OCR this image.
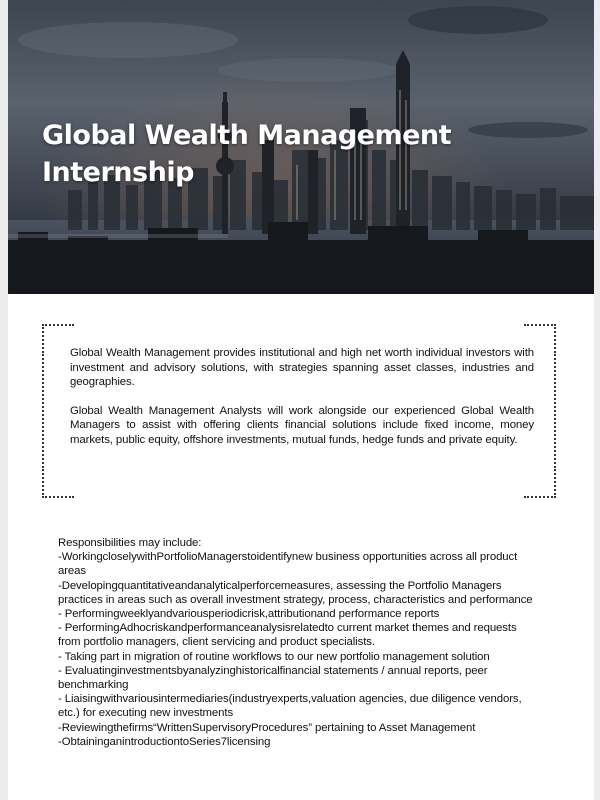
Global Wealth Management
Internship

Global Wealth Management provides institutional and high net worth individual investors with investment and advisory solutions, with strategies spanning asset classes, industries and geographies.

Global Wealth Management Analysts will work alongside our experienced Global Wealth Managers to assist with offering clients financial solutions include fixed income, money markets, public equity, offshore investments, mutual funds, hedge funds and private equity.

Responsibilities may include:
-WorkingcloselywithPortfolioManagerstoidentifynew business opportunities across all product areas
-Developingquantitativeandanalyticalperforcemeasures, assessing the Portfolio Managers practices in areas such as overall investment strategy, process, characteristics and performance
- Performingweeklyandvariousperiodicrisk,attributionand performance reports
- PerformingAdhocriskandperformanceanalysisrelatedto current market themes and requests from portfolio managers, client servicing and product specialists.
- Taking part in migration of routine workflows to our new portfolio management solution
- Evaluatinginvestmentsbyanalyzinghistoricalfinancial statements / annual reports, peer benchmarking
- Liaisingwithvariousintermediaries(industryexperts,valuation agencies, due diligence vendors, etc.) for executing new investments
-Reviewingthefirms“WrittenSupervisoryProcedures” pertaining to Asset Management
-ObtaininganintroductiontoSeries7licensing
